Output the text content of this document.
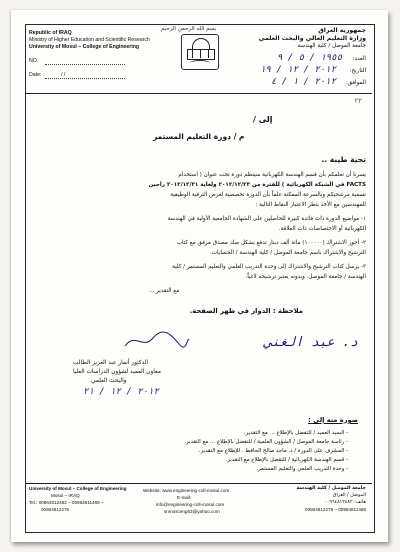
بسم الله الرحمن الرحيم
Republic of IRAQ
Ministry of Higher Education and Scientific Research
University of Mosul – College of Engineering
NO.
Date:	/ /
جمهورية العراق
وزارة التعليم العالي والبحث العلمي
جامعة الموصل / كلية الهندسة
العدد:
١٩٥٥ / ٥ / ٩
التاريخ:
٢٠١٢ / ١٢ / ١٩
الموافق:
٢٠١٢ / ١ / ٤
٢٢
إلى /
م / دورة التعليم المستمر
تحية طيبة ..
يسرنا أن نعلمكم بأن قسم الهندسة الكهربائية سينظم دورة تحت عنوان ( استخدام
FACTS في الشبكة الكهربائية ) للفترة من ٢٠١٢/١٢/٢٣ ولغاية ٢٠١٢/١٢/٣١ راجين
تسمية مرشحيكم وبالسرعة الممكنة علماً بأن الدورة تخصصية لغرض الترقية الوظيفية
للمهندسين مع الأخذ بنظر الاعتبار النقاط التالية :
١- مواضيع الدورة ذات فائدة كبيرة للحاصلين على الشهادة الجامعية الأولية في الهندسة
الكهربائية أو الاختصاصات ذات العلاقة.
٢- أجور الاشتراك (١٠٠٠٠٠) مائة ألف دينار تدفع بشكل صك مصدق مرفق مع كتاب
الترشيح والاشتراك باسم جامعة الموصل / كلية الهندسة / الحسابات.
٣- يرسل كتاب الترشيح والاشتراك إلى وحدة التدريب العلمي والتعليم المستمر / كلية
الهندسة / جامعة الموصل. وبدونه يعتبر ترشيحه لاغياً.
مع التقدير ...
ملاحظة : الدوار في ظهر الصفحة.
د. عبد الغني
الدكتور أنمار عبد العزيز الطالب
معاون العميد لشؤون الدراسات العليا
والبحث العلمي
٢٠١٢ / ١٢ / ٢١
صورة منه إلى :
- السيد العميد / للتفضل بالإطلاع ... مع التقدير.
- رئاسة جامعة الموصل / الشؤون العلمية / للتفضل بالإطلاع ... مع التقدير.
- المشرف على الدورة / د. ماجد صالح الحافظ . للإطلاع مع التقدير.
- قسم الهندسة الكهربائية / للتفضل بالإطلاع مع التقدير.
- وحدة التدريب العلمي والتعليم المستمر.
University of Mosul – College of Engineering
Mosul – IRAQ
Tel.: 00964812482 – 00964811469 –
00964812276
Website: www.engineering-coll-mosul.com
E-mail:
info@engineering-coll-mosul.com
snmosceng63@yahoo.com
جامعة الموصل / كلية الهندسة
الموصل / العراق
هاتف: ٠٠٩٦٤٨١٢٤٨٢
00964812276 – 00964811469
